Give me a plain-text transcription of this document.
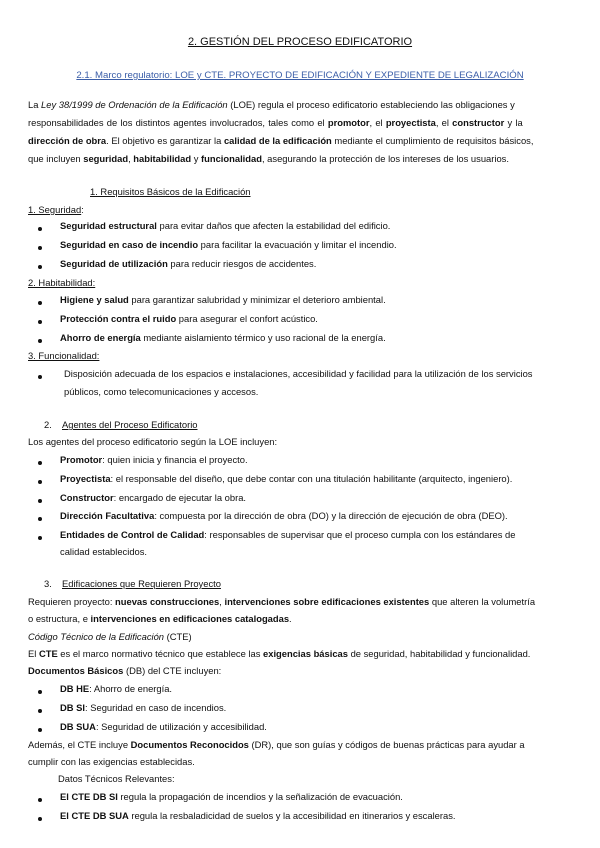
2. GESTIÓN DEL PROCESO EDIFICATORIO
2.1. Marco regulatorio: LOE y CTE. PROYECTO DE EDIFICACIÓN Y EXPEDIENTE DE LEGALIZACIÓN
La Ley 38/1999 de Ordenación de la Edificación (LOE) regula el proceso edificatorio estableciendo las obligaciones y
responsabilidades de los distintos agentes involucrados, tales como el promotor, el proyectista, el constructor y la
dirección de obra. El objetivo es garantizar la calidad de la edificación mediante el cumplimiento de requisitos básicos,
que incluyen seguridad, habitabilidad y funcionalidad, asegurando la protección de los intereses de los usuarios.
1. Requisitos Básicos de la Edificación
1. Seguridad:
Seguridad estructural para evitar daños que afecten la estabilidad del edificio.
Seguridad en caso de incendio para facilitar la evacuación y limitar el incendio.
Seguridad de utilización para reducir riesgos de accidentes.
2. Habitabilidad:
Higiene y salud para garantizar salubridad y minimizar el deterioro ambiental.
Protección contra el ruido para asegurar el confort acústico.
Ahorro de energía mediante aislamiento térmico y uso racional de la energía.
3. Funcionalidad:
Disposición adecuada de los espacios e instalaciones, accesibilidad y facilidad para la utilización de los servicios
públicos, como telecomunicaciones y accesos.
2. Agentes del Proceso Edificatorio
Los agentes del proceso edificatorio según la LOE incluyen:
Promotor: quien inicia y financia el proyecto.
Proyectista: el responsable del diseño, que debe contar con una titulación habilitante (arquitecto, ingeniero).
Constructor: encargado de ejecutar la obra.
Dirección Facultativa: compuesta por la dirección de obra (DO) y la dirección de ejecución de obra (DEO).
Entidades de Control de Calidad: responsables de supervisar que el proceso cumpla con los estándares de
calidad establecidos.
3. Edificaciones que Requieren Proyecto
Requieren proyecto: nuevas construcciones, intervenciones sobre edificaciones existentes que alteren la volumetría
o estructura, e intervenciones en edificaciones catalogadas.
Código Técnico de la Edificación (CTE)
El CTE es el marco normativo técnico que establece las exigencias básicas de seguridad, habitabilidad y funcionalidad.
Documentos Básicos (DB) del CTE incluyen:
DB HE: Ahorro de energía.
DB SI: Seguridad en caso de incendios.
DB SUA: Seguridad de utilización y accesibilidad.
Además, el CTE incluye Documentos Reconocidos (DR), que son guías y códigos de buenas prácticas para ayudar a
cumplir con las exigencias establecidas.
Datos Técnicos Relevantes:
El CTE DB SI regula la propagación de incendios y la señalización de evacuación.
El CTE DB SUA regula la resbaladicidad de suelos y la accesibilidad en itinerarios y escaleras.
